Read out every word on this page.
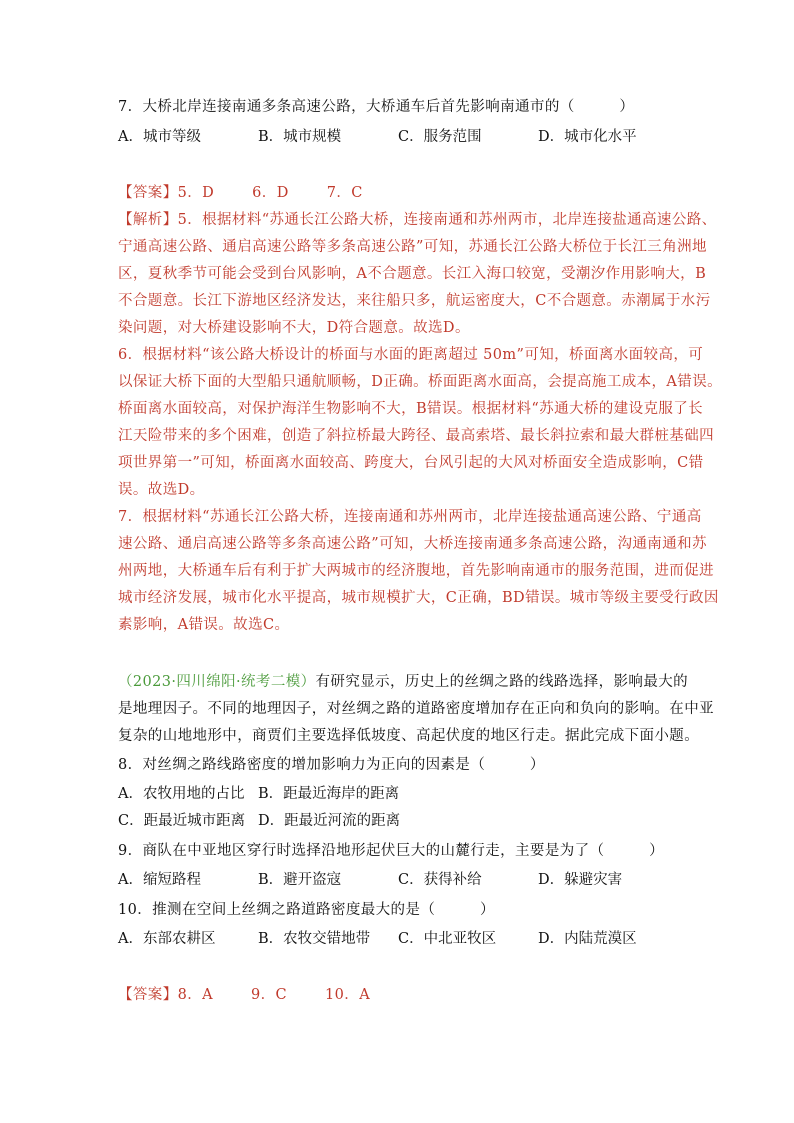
7．大桥北岸连接南通多条高速公路，大桥通车后首先影响南通市的（　　　）
A．城市等级	B．城市规模	C．服务范围	D．城市化水平
【答案】5．D	6．D	7．C
【解析】5．根据材料“苏通长江公路大桥，连接南通和苏州两市，北岸连接盐通高速公路、
宁通高速公路、通启高速公路等多条高速公路”可知，苏通长江公路大桥位于长江三角洲地
区，夏秋季节可能会受到台风影响，A不合题意。长江入海口较宽，受潮汐作用影响大，B
不合题意。长江下游地区经济发达，来往船只多，航运密度大，C不合题意。赤潮属于水污
染问题，对大桥建设影响不大，D符合题意。故选D。
6．根据材料“该公路大桥设计的桥面与水面的距离超过 50m”可知，桥面离水面较高，可
以保证大桥下面的大型船只通航顺畅，D正确。桥面距离水面高，会提高施工成本，A错误。
桥面离水面较高，对保护海洋生物影响不大，B错误。根据材料“苏通大桥的建设克服了长
江天险带来的多个困难，创造了斜拉桥最大跨径、最高索塔、最长斜拉索和最大群桩基础四
项世界第一”可知，桥面离水面较高、跨度大，台风引起的大风对桥面安全造成影响，C错
误。故选D。
7．根据材料“苏通长江公路大桥，连接南通和苏州两市，北岸连接盐通高速公路、宁通高
速公路、通启高速公路等多条高速公路”可知，大桥连接南通多条高速公路，沟通南通和苏
州两地，大桥通车后有利于扩大两城市的经济腹地，首先影响南通市的服务范围，进而促进
城市经济发展，城市化水平提高，城市规模扩大，C正确，BD错误。城市等级主要受行政因
素影响，A错误。故选C。
（2023·四川绵阳·统考二模）有研究显示，历史上的丝绸之路的线路选择，影响最大的
是地理因子。不同的地理因子，对丝绸之路的道路密度增加存在正向和负向的影响。在中亚
复杂的山地地形中，商贾们主要选择低坡度、高起伏度的地区行走。据此完成下面小题。
8．对丝绸之路线路密度的增加影响力为正向的因素是（　　　）
A．农牧用地的占比 B．距最近海岸的距离
C．距最近城市距离 D．距最近河流的距离
9．商队在中亚地区穿行时选择沿地形起伏巨大的山麓行走，主要是为了（　　　）
A．缩短路程	B．避开盗寇	C．获得补给	D．躲避灾害
10．推测在空间上丝绸之路道路密度最大的是（　　　）
A．东部农耕区	B．农牧交错地带 C．中北亚牧区	D．内陆荒漠区
【答案】8．A	9．C	10．A
